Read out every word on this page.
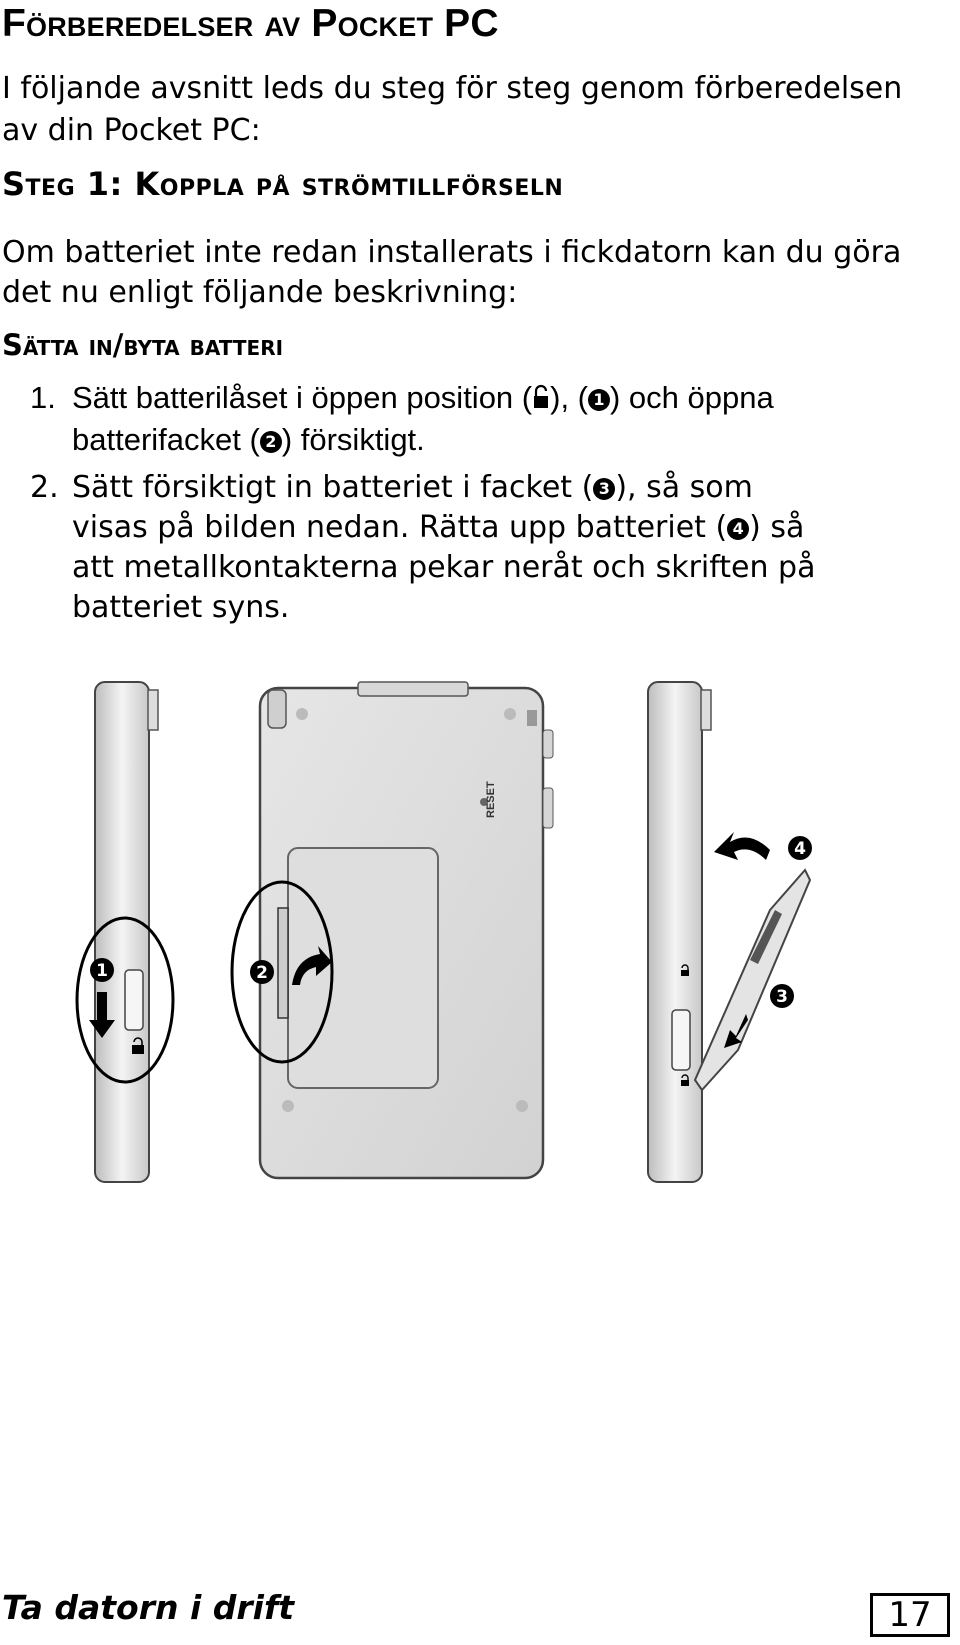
Förberedelser av Pocket PC

I följande avsnitt leds du steg för steg genom förberedelsen av din Pocket PC:

Steg 1: Koppla på strömtillförseln

Om batteriet inte redan installerats i fickdatorn kan du göra det nu enligt följande beskrivning:

Sätta in/byta batteri
1. Sätt batterilåset i öppen position ( ), ( 1 ) och öppna
batterifacket ( 2 ) försiktigt.
2. Sätt försiktigt in batteriet i facket ( 3 ), så som
visas på bilden nedan. Rätta upp batteriet ( 4 ) så
att metallkontakterna pekar neråt och skriften på
batteriet syns.
1
RESET
2
4
3
Ta datorn i drift	17
